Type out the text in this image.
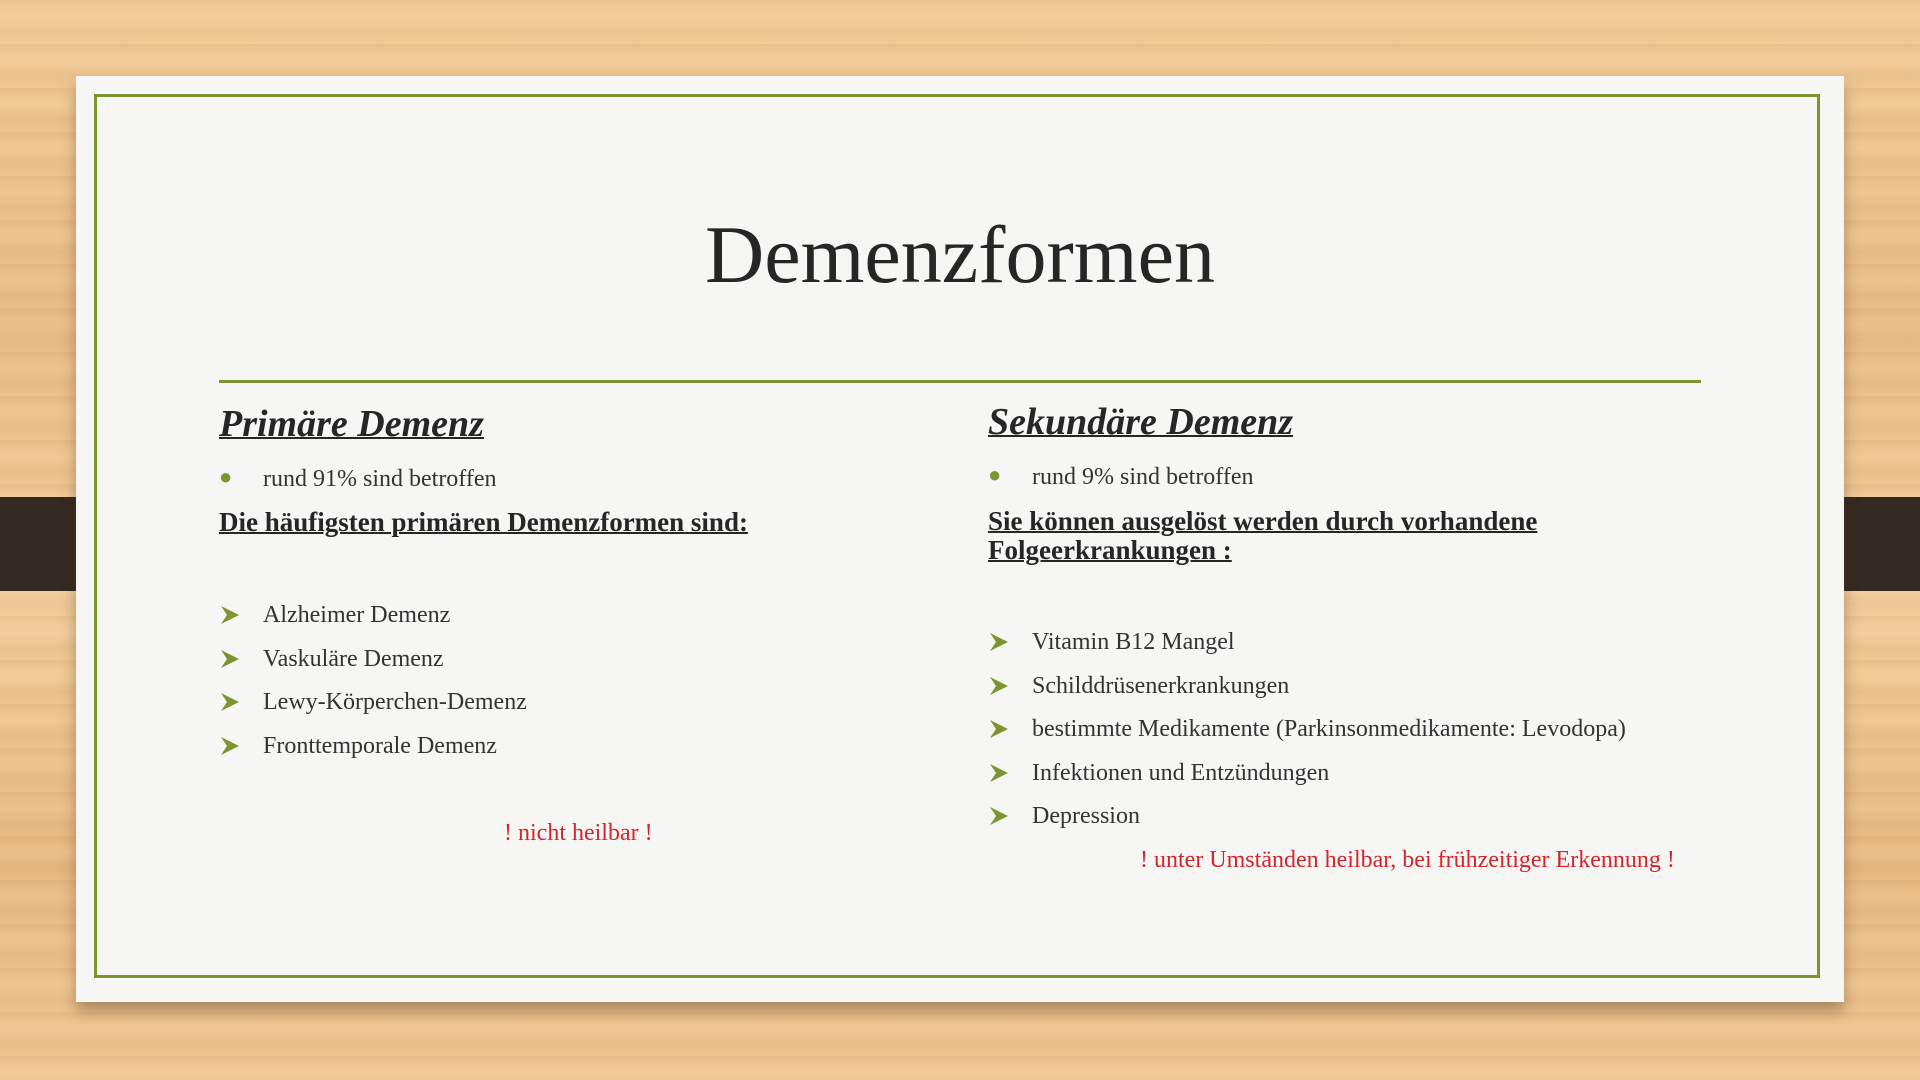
Demenzformen
Primäre Demenz
● rund 91% sind betroffen
Die häufigsten primären Demenzformen sind:
Alzheimer Demenz
Vaskuläre Demenz
Lewy-Körperchen-Demenz
Fronttemporale Demenz
! nicht heilbar !
Sekundäre Demenz
● rund 9% sind betroffen
Sie können ausgelöst werden durch vorhandene Folgeerkrankungen :
Vitamin B12 Mangel
Schilddrüsenerkrankungen
bestimmte Medikamente (Parkinsonmedikamente: Levodopa)
Infektionen und Entzündungen
Depression
! unter Umständen heilbar, bei frühzeitiger Erkennung !
